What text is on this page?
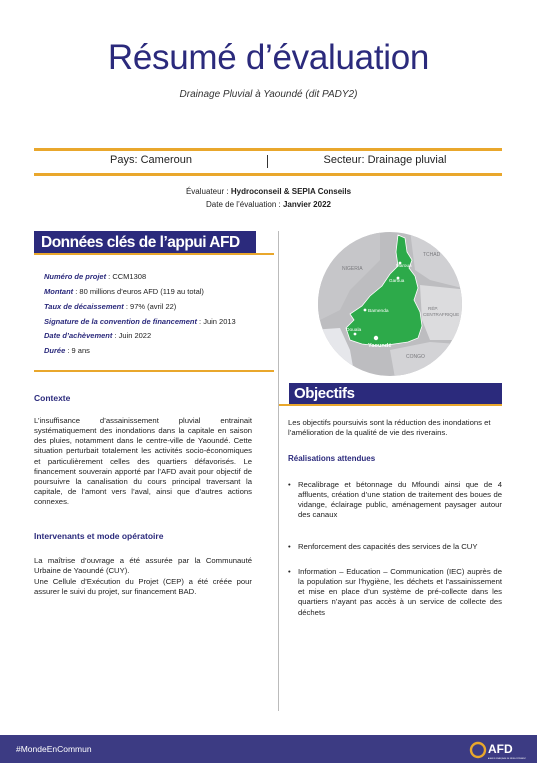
Résumé d’évaluation
Drainage Pluvial à Yaoundé (dit PADY2)
Pays: Cameroun	Secteur: Drainage pluvial
Évaluateur : Hydroconseil & SEPIA Conseils
Date de l’évaluation : Janvier 2022
Données clés de l’appui AFD
Numéro de projet : CCM1308
Montant : 80 millions d’euros AFD (119 au total)
Taux de décaissement : 97% (avril 22)
Signature de la convention de financement : Juin 2013
Date d’achèvement : Juin 2022
Durée : 9 ans
NIGERIA
TCHAD
RÉP. CENTRAFRIQUE
CONGO
Maroua
Garoua
Bamenda
Douala
Yaoundé
Contexte
L’insuffisance d’assainissement pluvial entrainait systématiquement des inondations dans la capitale en saison des pluies, notamment dans le centre-ville de Yaoundé. Cette situation perturbait totalement les activités socio-économiques et particulièrement celles des quartiers défavorisés. Le financement souverain apporté par l’AFD avait pour objectif de poursuivre la canalisation du cours principal traversant la capitale, de l’amont vers l’aval, ainsi que d’autres actions connexes.
Intervenants et mode opératoire
La maîtrise d’ouvrage a été assurée par la Communauté Urbaine de Yaoundé (CUY).
Une Cellule d’Exécution du Projet (CEP) a été créée pour assurer le suivi du projet, sur financement BAD.
Objectifs
Les objectifs poursuivis sont la réduction des inondations et l’amélioration de la qualité de vie des riverains.
Réalisations attendues
• Recalibrage et bétonnage du Mfoundi ainsi que de 4 affluents, création d’une station de traitement des boues de vidange, éclairage public, aménagement paysager autour des canaux
• Renforcement des capacités des services de la CUY
• Information – Education – Communication (IEC) auprès de la population sur l’hygiène, les déchets et l’assainissement et mise en place d’un système de pré-collecte dans les quartiers n’ayant pas accès à un service de collecte des déchets
#MondeEnCommun	AFD
AGENCE FRANÇAISE DE DÉVELOPPEMENT
